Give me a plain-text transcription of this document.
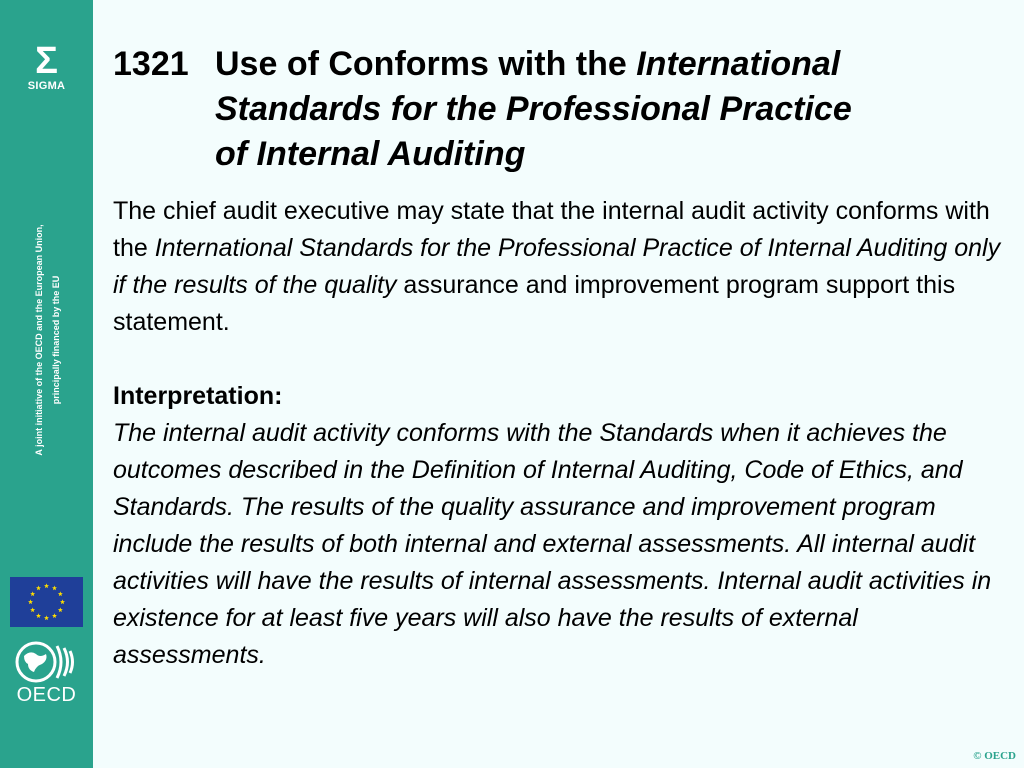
Σ
SIGMA
A joint initiative of the OECD and the European Union, principally financed by the EU
OECD
1321 Use of Conforms with the International
Standards for the Professional Practice
of Internal Auditing

The chief audit executive may state that the internal audit activity conforms with the International Standards for the Professional Practice of Internal Auditing only if the results of the quality assurance and improvement program support this statement.

Interpretation:

The internal audit activity conforms with the Standards when it achieves the outcomes described in the Definition of Internal Auditing, Code of Ethics, and Standards. The results of the quality assurance and improvement program include the results of both internal and external assessments. All internal audit activities will have the results of internal assessments. Internal audit activities in existence for at least five years will also have the results of external assessments.

© OECD
